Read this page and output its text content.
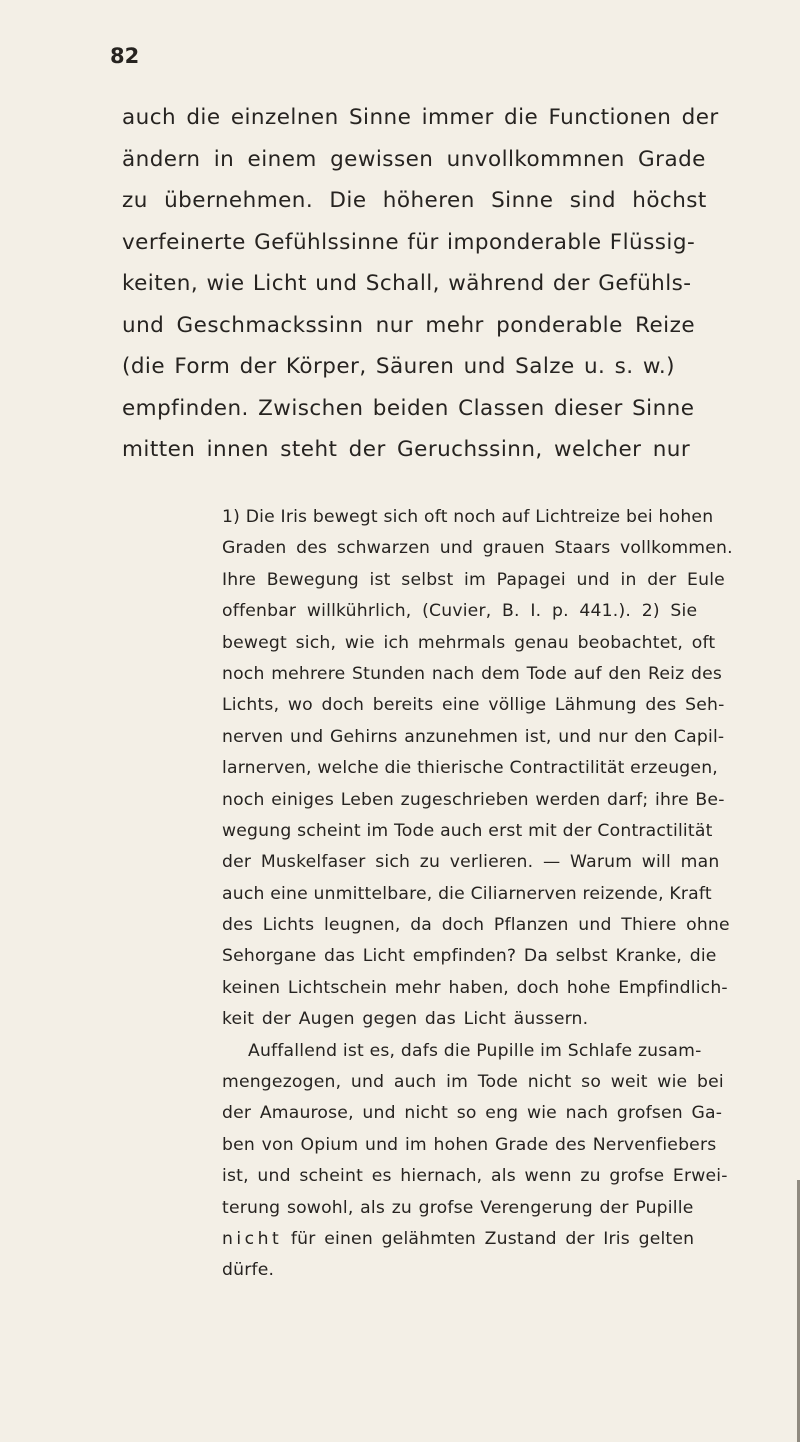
82
auch die einzelnen Sinne immer die Functionen der
ändern in einem gewissen unvollkommnen Grade
zu übernehmen. Die höheren Sinne sind höchst
verfeinerte Gefühlssinne für imponderable Flüssig-
keiten, wie Licht und Schall, während der Gefühls-
und Geschmackssinn nur mehr ponderable Reize
(die Form der Körper, Säuren und Salze u. s. w.)
empfinden. Zwischen beiden Classen dieser Sinne
mitten innen steht der Geruchssinn, welcher nur
1) Die Iris bewegt sich oft noch auf Lichtreize bei hohen
Graden des schwarzen und grauen Staars vollkommen.
Ihre Bewegung ist selbst im Papagei und in der Eule
offenbar willkührlich, (Cuvier, B. I. p. 441.). 2) Sie
bewegt sich, wie ich mehrmals genau beobachtet, oft
noch mehrere Stunden nach dem Tode auf den Reiz des
Lichts, wo doch bereits eine völlige Lähmung des Seh-
nerven und Gehirns anzunehmen ist, und nur den Capil-
larnerven, welche die thierische Contractilität erzeugen,
noch einiges Leben zugeschrieben werden darf; ihre Be-
wegung scheint im Tode auch erst mit der Contractilität
der Muskelfaser sich zu verlieren. — Warum will man
auch eine unmittelbare, die Ciliarnerven reizende, Kraft
des Lichts leugnen, da doch Pflanzen und Thiere ohne
Sehorgane das Licht empfinden? Da selbst Kranke, die
keinen Lichtschein mehr haben, doch hohe Empfindlich-
keit der Augen gegen das Licht äussern.
Auffallend ist es, dafs die Pupille im Schlafe zusam-
mengezogen, und auch im Tode nicht so weit wie bei
der Amaurose, und nicht so eng wie nach grofsen Ga-
ben von Opium und im hohen Grade des Nervenfiebers
ist, und scheint es hiernach, als wenn zu grofse Erwei-
terung sowohl, als zu grofse Verengerung der Pupille
nicht für einen gelähmten Zustand der Iris gelten
dürfe.
